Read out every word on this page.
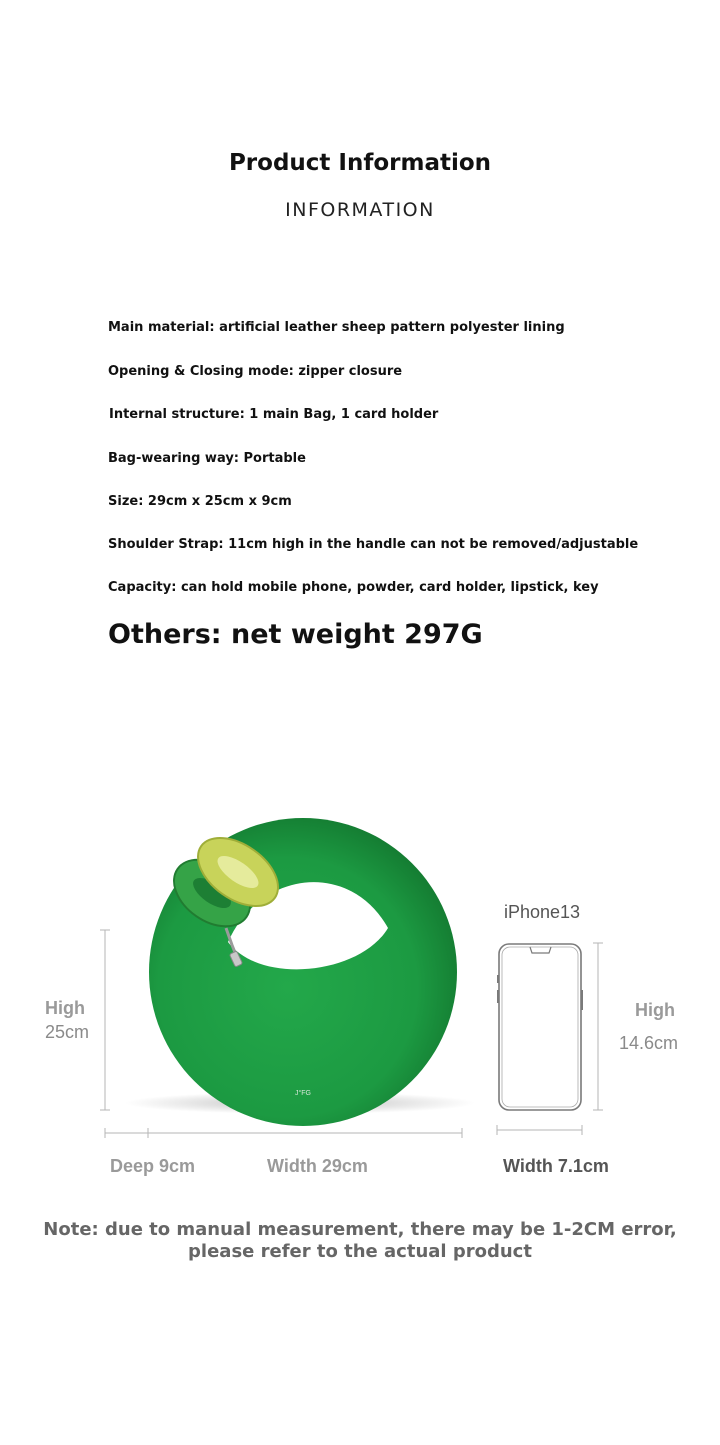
Product Information
INFORMATION
Main material: artificial leather sheep pattern polyester lining
Opening & Closing mode: zipper closure
Internal structure: 1 main Bag, 1 card holder
Bag-wearing way: Portable
Size: 29cm x 25cm x 9cm
Shoulder Strap: 11cm high in the handle can not be removed/adjustable
Capacity: can hold mobile phone, powder, card holder, lipstick, key
Others: net weight 297G
J°FG
High
25cm
Deep 9cm	Width 29cm
iPhone13
High
14.6cm
Width 7.1cm
Note: due to manual measurement, there may be 1-2CM error,
please refer to the actual product
